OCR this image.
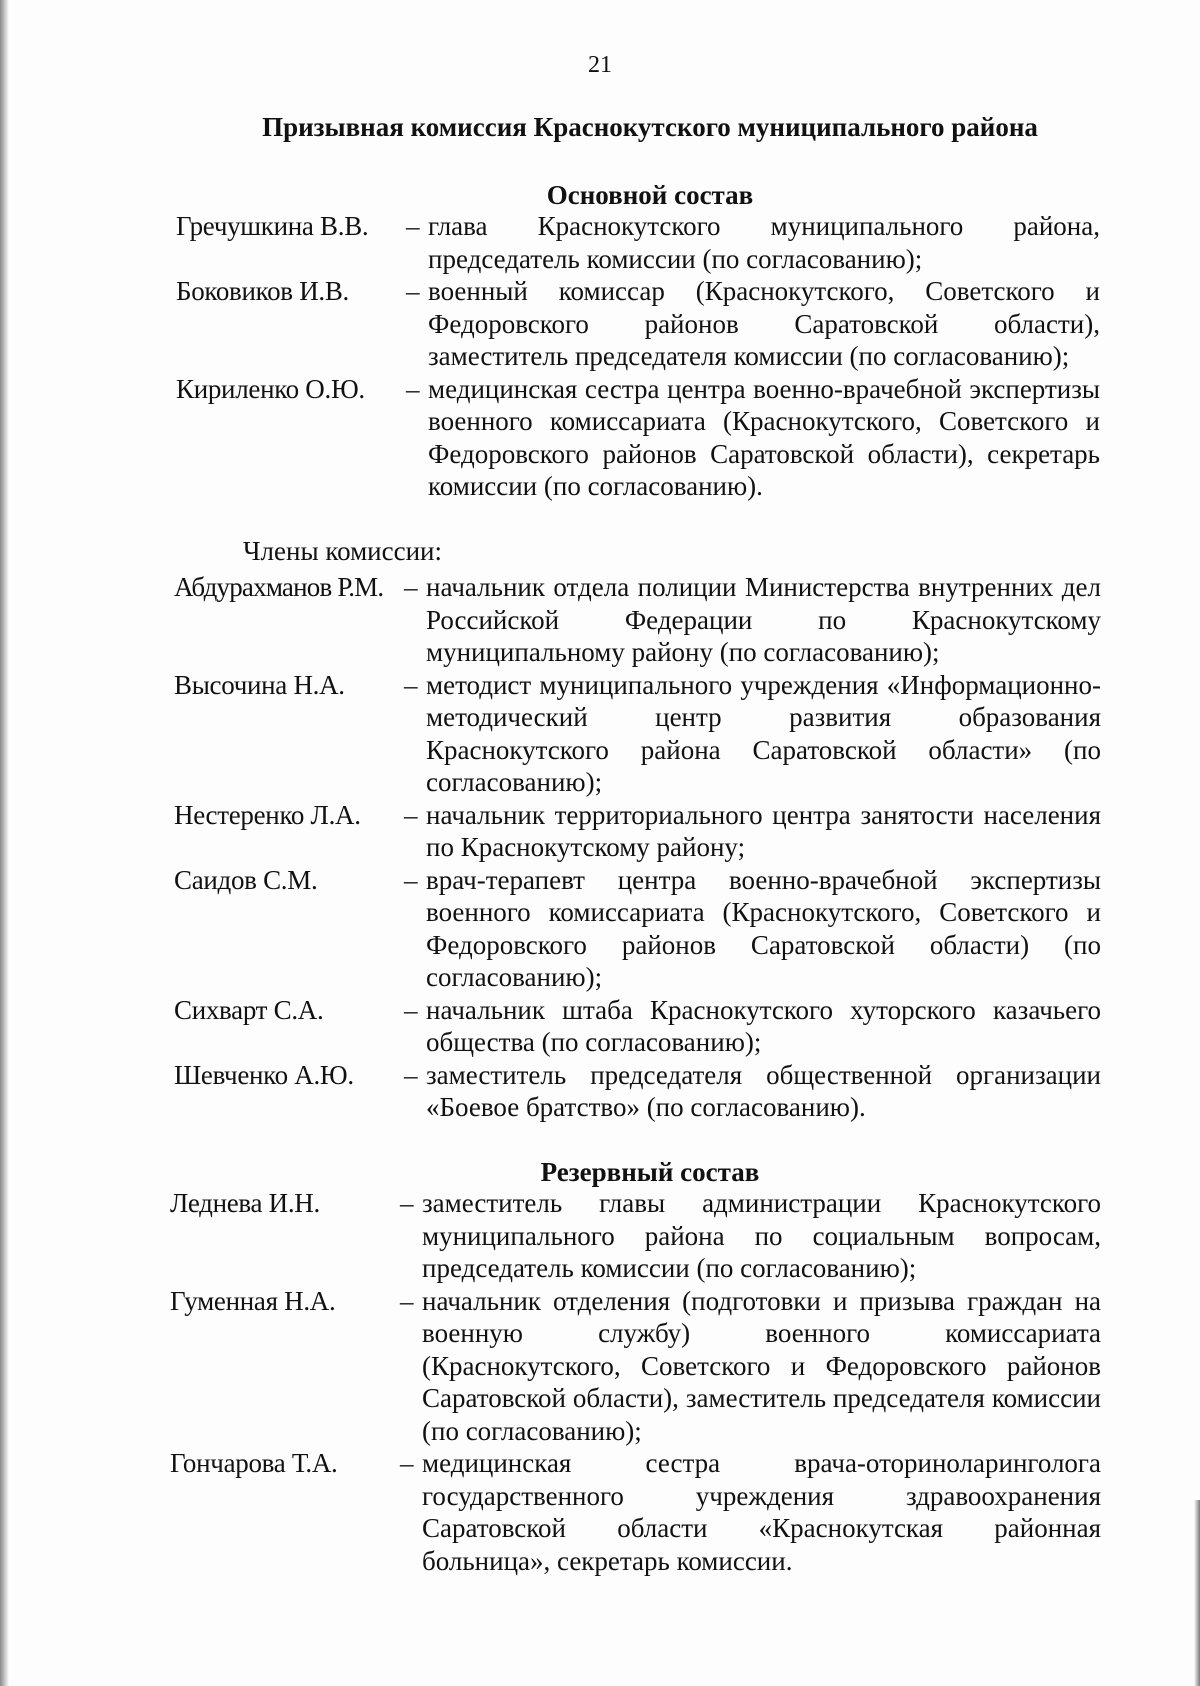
21
Призывная комиссия Краснокутского муниципального района
Основной состав
Гречушкина В.В.	– глава Краснокутского муниципального района, председатель комиссии (по согласованию);
Боковиков И.В.	– военный комиссар (Краснокутского, Советского и Федоровского районов Саратовской области), заместитель председателя комиссии (по согласованию);
Кириленко О.Ю.	– медицинская сестра центра военно-врачебной экспертизы военного комиссариата (Краснокутского, Советского и Федоровского районов Саратовской области), секретарь комиссии (по согласованию).
Члены комиссии:
Абдурахманов Р.М. – начальник отдела полиции Министерства внутренних дел Российской Федерации по Краснокутскому муниципальному району (по согласованию);
Высочина Н.А.	– методист муниципального учреждения «Информационно-методический центр развития образования Краснокутского района Саратовской области» (по согласованию);
Нестеренко Л.А.	– начальник территориального центра занятости населения по Краснокутскому району;
Саидов С.М.	– врач-терапевт центра военно-врачебной экспертизы военного комиссариата (Краснокутского, Советского и Федоровского районов Саратовской области) (по согласованию);
Сихварт С.А.	– начальник штаба Краснокутского хуторского казачьего общества (по согласованию);
Шевченко А.Ю.	– заместитель председателя общественной организации «Боевое братство» (по согласованию).
Резервный состав
Леднева И.Н.	– заместитель главы администрации Краснокутского муниципального района по социальным вопросам, председатель комиссии (по согласованию);
Гуменная Н.А.	– начальник отделения (подготовки и призыва граждан на военную службу) военного комиссариата (Краснокутского, Советского и Федоровского районов Саратовской области), заместитель председателя комиссии (по согласованию);
Гончарова Т.А.	– медицинская сестра врача-оториноларинголога государственного учреждения здравоохранения Саратовской области «Краснокутская районная больница», секретарь комиссии.
